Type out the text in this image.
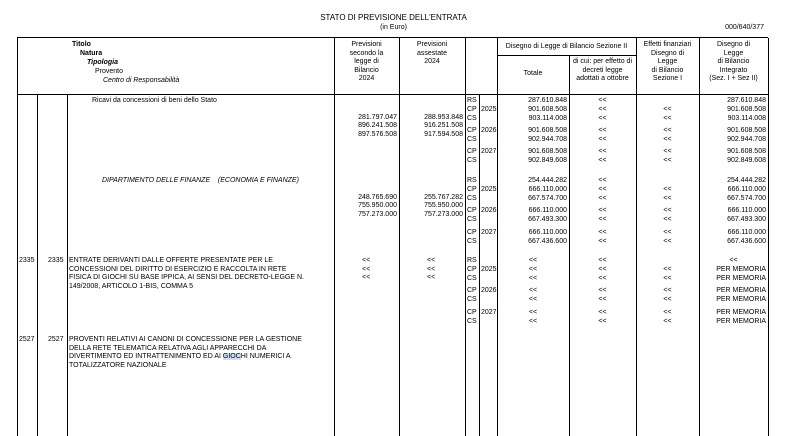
STATO DI PREVISIONE DELL'ENTRATA
(in Euro)	000/640/377
Titolo
Natura
Tipologia
Provento
Centro di Responsabilità
Previsioni
secondo la
legge di
Bilancio
2024
Previsioni
assestate
2024
Disegno di Legge di Bilancio Sezione II
Totale
di cui: per effetto di
decreti legge
adottati a ottobre
Effetti finanziari
Disegno di
Legge
di Bilancio
Sezione I
Disegno di
Legge
di Bilancio
Integrato
(Sez. I + Sez II)
Ricavi da concessioni di beni dello Stato

281.797.047
896.241.508
897.576.508

288.953.848
916.251.508
917.594.508

RS
CP
CS
CP
CS
CP
CS
2025
2026
2027
287.610.848
901.608.508
903.114.008
901.608.508
902.944.708
901.608.508
902.849.608
<<
<<
<<
<<
<<
<<
<<
<<
<<
<<
<<
<<
<<
287.610.848
901.608.508
903.114.008
901.608.508
902.944.708
901.608.508
902.849.608
DIPARTIMENTO DELLE FINANZE    (ECONOMIA E FINANZE)

248.765.690
755.950.000
757.273.000

255.767.282
755.950.000
757.273.000

RS
CP
CS
CP
CS
CP
CS
2025
2026
2027
254.444.282
666.110.000
667.574.700
666.110.000
667.493.300
666.110.000
667.436.600
<<
<<
<<
<<
<<
<<
<<
<<
<<
<<
<<
<<
<<
254.444.282
666.110.000
667.574.700
666.110.000
667.493.300
666.110.000
667.436.600
2335 2335 ENTRATE DERIVANTI DALLE OFFERTE PRESENTATE PER LE
CONCESSIONI DEL DIRITTO DI ESERCIZIO E RACCOLTA IN RETE
FISICA DI GIOCHI SU BASE IPPICA, AI SENSI DEL DECRETO-LEGGE N.
149/2008, ARTICOLO 1-BIS, COMMA 5
<<
<<
<<
<<
<<
<<
RS
CP
CS
CP
CS
CP
CS
2025
2026
2027
<<
<<
<<
<<
<<
<<
<<
<<
<<
<<
<<
<<
<<
<<
<<
<<
<<
<<
<<
<<
<<
PER MEMORIA
PER MEMORIA
PER MEMORIA
PER MEMORIA
PER MEMORIA
PER MEMORIA
2527 2527 PROVENTI RELATIVI AI CANONI DI CONCESSIONE PER LA GESTIONE
DELLA RETE TELEMATICA RELATIVA AGLI APPARECCHI DA
DIVERTIMENTO ED INTRATTENIMENTO ED AI GIOCHI NUMERICI A
TOTALIZZATORE NAZIONALE
